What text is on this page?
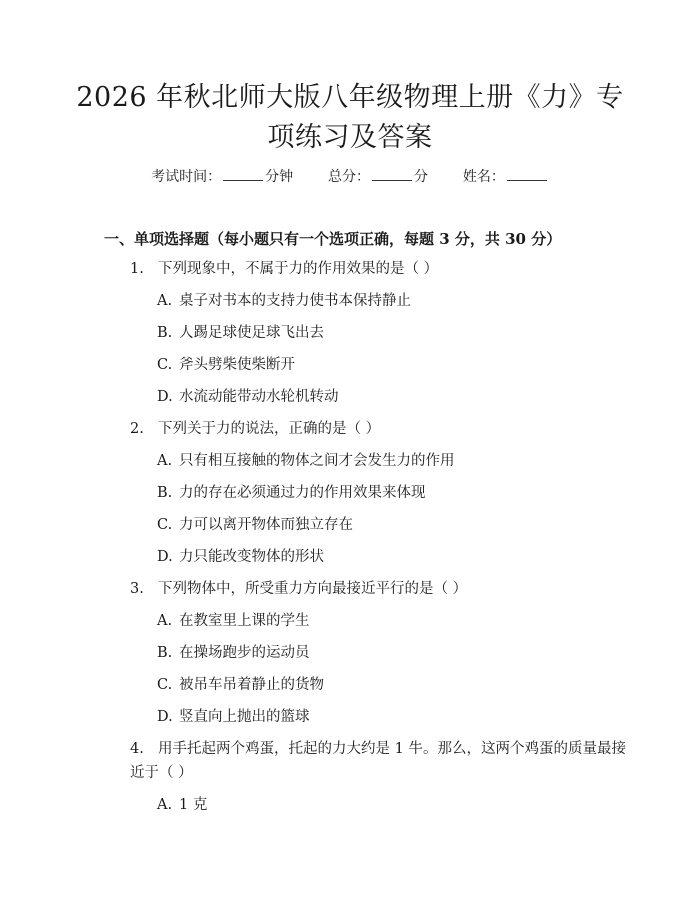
2026 年秋北师大版八年级物理上册《力》专
项练习及答案
考试时间：	分钟 总分：	分 姓名：
一、单项选择题（每小题只有一个选项正确，每题 3 分，共 30 分）
1. 下列现象中，不属于力的作用效果的是（ ）
A. 桌子对书本的支持力使书本保持静止
B. 人踢足球使足球飞出去
C. 斧头劈柴使柴断开
D. 水流动能带动水轮机转动
2. 下列关于力的说法，正确的是（ ）
A. 只有相互接触的物体之间才会发生力的作用
B. 力的存在必须通过力的作用效果来体现
C. 力可以离开物体而独立存在
D. 力只能改变物体的形状
3. 下列物体中，所受重力方向最接近平行的是（ ）
A. 在教室里上课的学生
B. 在操场跑步的运动员
C. 被吊车吊着静止的货物
D. 竖直向上抛出的篮球
4. 用手托起两个鸡蛋，托起的力大约是 1 牛。那么，这两个鸡蛋的质量最接
近于（ ）
A. 1 克
